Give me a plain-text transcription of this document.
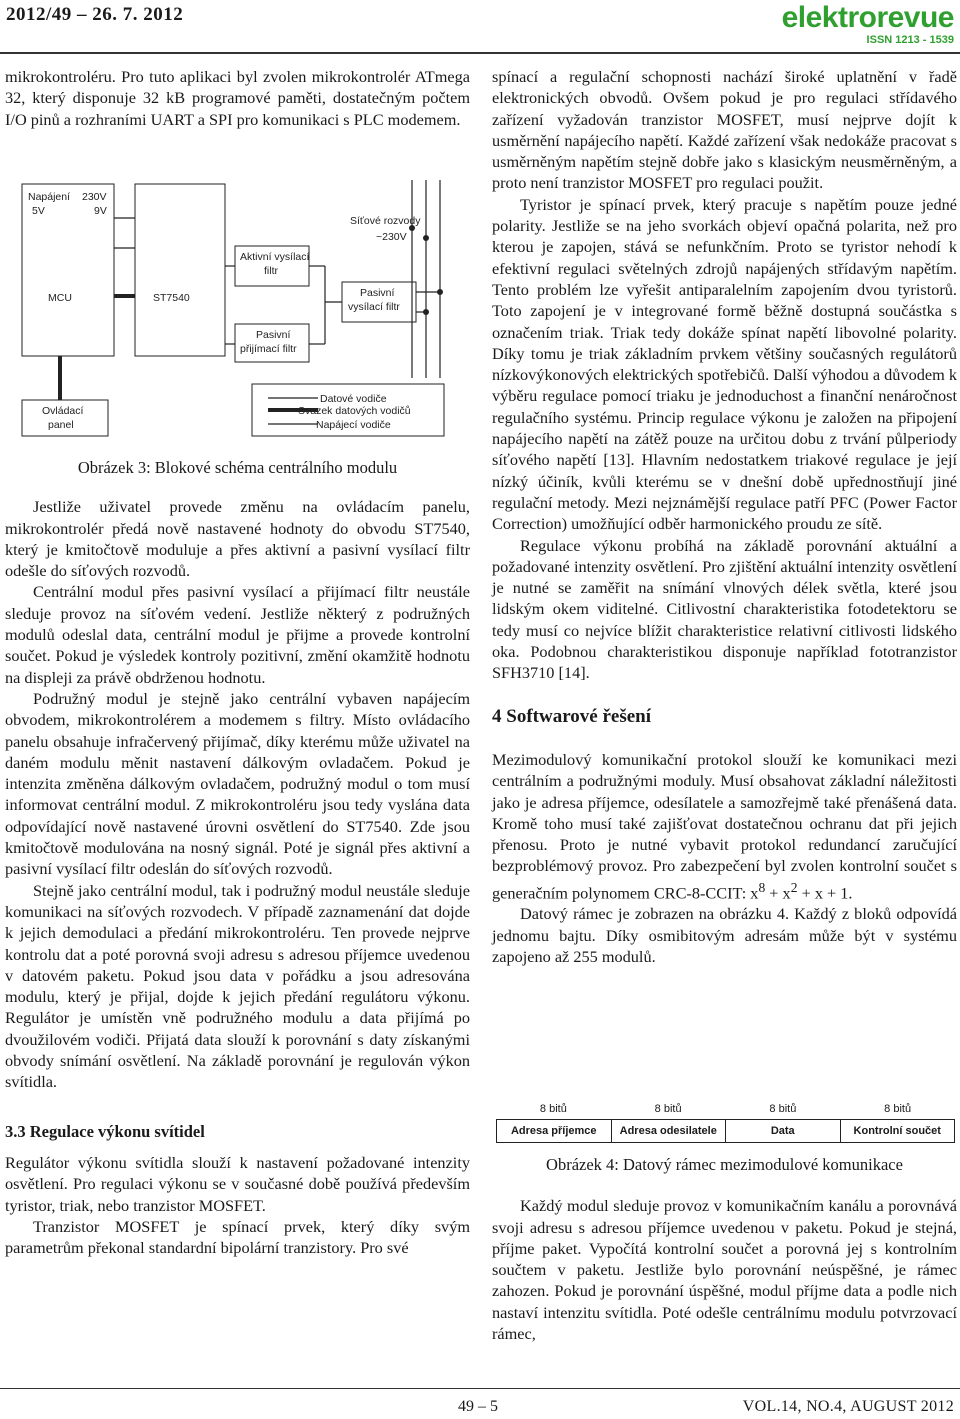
2012/49 – 26. 7. 2012	elektrorevue
ISSN 1213 - 1539

mikrokontroléru. Pro tuto aplikaci byl zvolen mikrokontrolér ATmega 32, který disponuje 32 kB programové paměti, dostatečným počtem I/O pinů a rozhraními UART a SPI pro komunikaci s PLC modemem.

Napájení
5V
230V
9V
MCU	ST7540
Aktivní vysílací
filtr
Pasivní
přijímací filtr
Pasivní
vysílací filtr
Síťové rozvody
~230V
Ovládací
panel
Datové vodiče
Svazek datových vodičů
Napájecí vodiče

Obrázek 3: Blokové schéma centrálního modulu

Jestliže uživatel provede změnu na ovládacím panelu, mikrokontrolér předá nově nastavené hodnoty do obvodu ST7540, který je kmitočtově moduluje a přes aktivní a pasivní vysílací filtr odešle do síťových rozvodů.

Centrální modul přes pasivní vysílací a přijímací filtr neustále sleduje provoz na síťovém vedení. Jestliže některý z podružných modulů odeslal data, centrální modul je přijme a provede kontrolní součet. Pokud je výsledek kontroly pozitivní, změní okamžitě hodnotu na displeji za právě obdrženou hodnotu.

Podružný modul je stejně jako centrální vybaven napájecím obvodem, mikrokontrolérem a modemem s filtry. Místo ovládacího panelu obsahuje infračervený přijímač, díky kterému může uživatel na daném modulu měnit nastavení dálkovým ovladačem. Pokud je intenzita změněna dálkovým ovladačem, podružný modul o tom musí informovat centrální modul. Z mikrokontroléru jsou tedy vyslána data odpovídající nově nastavené úrovni osvětlení do ST7540. Zde jsou kmitočtově modulována na nosný signál. Poté je signál přes aktivní a pasivní vysílací filtr odeslán do síťových rozvodů.

Stejně jako centrální modul, tak i podružný modul neustále sleduje komunikaci na síťových rozvodech. V případě zaznamenání dat dojde k jejich demodulaci a předání mikrokontroléru. Ten provede nejprve kontrolu dat a poté porovná svoji adresu s adresou příjemce uvedenou v datovém paketu. Pokud jsou data v pořádku a jsou adresována modulu, který je přijal, dojde k jejich předání regulátoru výkonu. Regulátor je umístěn vně podružného modulu a data přijímá po dvoužilovém vodiči. Přijatá data slouží k porovnání s daty získanými obvody snímání osvětlení. Na základě porovnání je regulován výkon svítidla.

3.3 Regulace výkonu svítidel

Regulátor výkonu svítidla slouží k nastavení požadované intenzity osvětlení. Pro regulaci výkonu se v současné době používá především tyristor, triak, nebo tranzistor MOSFET.

Tranzistor MOSFET je spínací prvek, který díky svým parametrům překonal standardní bipolární tranzistory. Pro své

spínací a regulační schopnosti nachází široké uplatnění v řadě elektronických obvodů. Ovšem pokud je pro regulaci střídavého zařízení vyžadován tranzistor MOSFET, musí nejprve dojít k usměrnění napájecího napětí. Každé zařízení však nedokáže pracovat s usměrněným napětím stejně dobře jako s klasickým neusměrněným, a proto není tranzistor MOSFET pro regulaci použit.

Tyristor je spínací prvek, který pracuje s napětím pouze jedné polarity. Jestliže se na jeho svorkách objeví opačná polarita, než pro kterou je zapojen, stává se nefunkčním. Proto se tyristor nehodí k efektivní regulaci světelných zdrojů napájených střídavým napětím. Tento problém lze vyřešit antiparalelním zapojením dvou tyristorů. Toto zapojení je v integrované formě běžně dostupná součástka s označením triak. Triak tedy dokáže spínat napětí libovolné polarity. Díky tomu je triak základním prvkem většiny současných regulátorů nízkovýkonových elektrických spotřebičů. Další výhodou a důvodem k výběru regulace pomocí triaku je jednoduchost a finanční nenáročnost regulačního systému. Princip regulace výkonu je založen na připojení napájecího napětí na zátěž pouze na určitou dobu z trvání půlperiody síťového napětí [13]. Hlavním nedostatkem triakové regulace je její nízký účiník, kvůli kterému se v dnešní době upřednostňují jiné regulační metody. Mezi nejznámější regulace patří PFC (Power Factor Correction) umožňující odběr harmonického proudu ze sítě.

Regulace výkonu probíhá na základě porovnání aktuální a požadované intenzity osvětlení. Pro zjištění aktuální intenzity osvětlení je nutné se zaměřit na snímání vlnových délek světla, které jsou lidským okem viditelné. Citlivostní charakteristika fotodetektoru se tedy musí co nejvíce blížit charakteristice relativní citlivosti lidského oka. Podobnou charakteristikou disponuje například fototranzistor SFH3710 [14].

4 Softwarové řešení

Mezimodulový komunikační protokol slouží ke komunikaci mezi centrálním a podružnými moduly. Musí obsahovat základní náležitosti jako je adresa příjemce, odesílatele a samozřejmě také přenášená data. Kromě toho musí také zajišťovat dostatečnou ochranu dat při jejich přenosu. Proto je nutné vybavit protokol redundancí zaručující bezproblémový provoz. Pro zabezpečení byl zvolen kontrolní součet s generačním polynomem CRC-8-CCIT: $x^8 + x^2 + x + 1$.

Datový rámec je zobrazen na obrázku 4. Každý z bloků odpovídá jednomu bajtu. Díky osmibitovým adresám může být v systému zapojeno až 255 modulů.

8 bitů	8 bitů	8 bitů	8 bitů
Adresa příjemce	Adresa odesilatele	Data	Kontrolní součet

Obrázek 4: Datový rámec mezimodulové komunikace

Každý modul sleduje provoz v komunikačním kanálu a porovnává svoji adresu s adresou příjemce uvedenou v paketu. Pokud je stejná, příjme paket. Vypočítá kontrolní součet a porovná jej s kontrolním součtem v paketu. Jestliže bylo porovnání neúspěšné, je rámec zahozen. Pokud je porovnání úspěšné, modul příjme data a podle nich nastaví intenzitu svítidla. Poté odešle centrálnímu modulu potvrzovací rámec,

49 – 5	VOL.14, NO.4, AUGUST 2012
